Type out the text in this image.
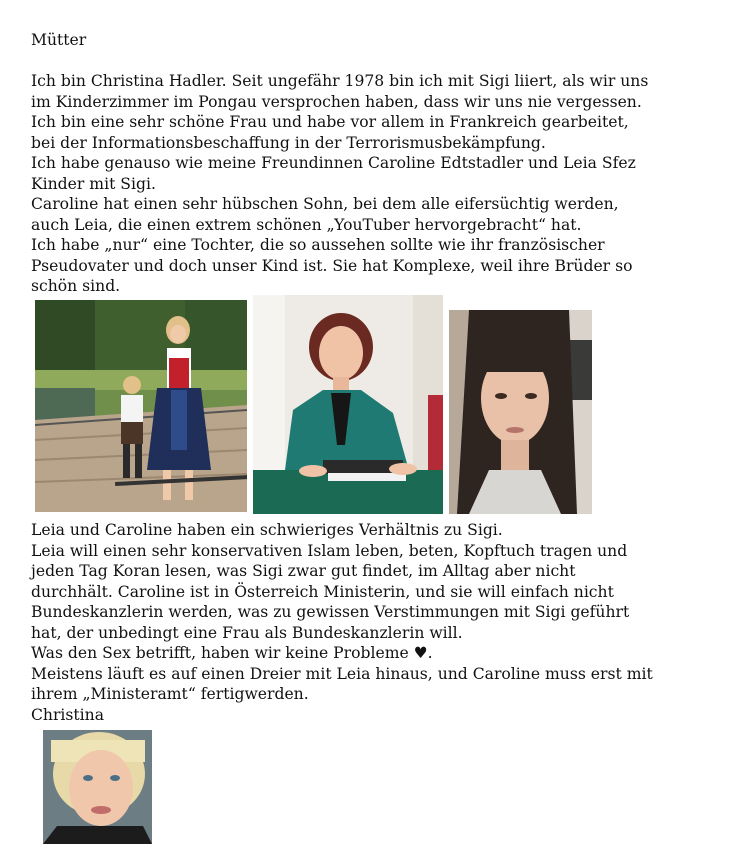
Mütter
Ich bin Christina Hadler. Seit ungefähr 1978 bin ich mit Sigi liiert, als wir uns
im Kinderzimmer im Pongau versprochen haben, dass wir uns nie vergessen.
Ich bin eine sehr schöne Frau und habe vor allem in Frankreich gearbeitet,
bei der Informationsbeschaffung in der Terrorismusbekämpfung.
Ich habe genauso wie meine Freundinnen Caroline Edtstadler und Leia Sfez
Kinder mit Sigi.
Caroline hat einen sehr hübschen Sohn, bei dem alle eifersüchtig werden,
auch Leia, die einen extrem schönen „YouTuber hervorgebracht“ hat.
Ich habe „nur“ eine Tochter, die so aussehen sollte wie ihr französischer
Pseudovater und doch unser Kind ist. Sie hat Komplexe, weil ihre Brüder so
schön sind.
Leia und Caroline haben ein schwieriges Verhältnis zu Sigi.
Leia will einen sehr konservativen Islam leben, beten, Kopftuch tragen und
jeden Tag Koran lesen, was Sigi zwar gut findet, im Alltag aber nicht
durchhält. Caroline ist in Österreich Ministerin, und sie will einfach nicht
Bundeskanzlerin werden, was zu gewissen Verstimmungen mit Sigi geführt
hat, der unbedingt eine Frau als Bundeskanzlerin will.
Was den Sex betrifft, haben wir keine Probleme ♥.
Meistens läuft es auf einen Dreier mit Leia hinaus, und Caroline muss erst mit
ihrem „Ministeramt“ fertigwerden.
Christina
